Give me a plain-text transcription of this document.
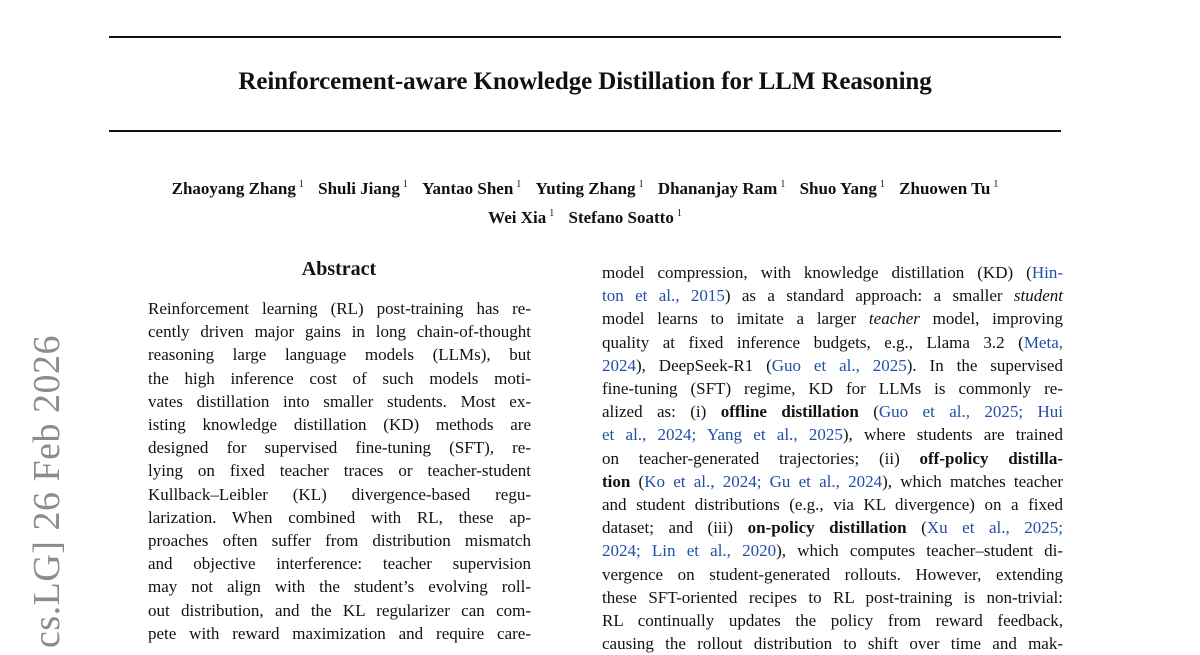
Reinforcement-aware Knowledge Distillation for LLM Reasoning
Zhaoyang Zhang $^1$ Shuli Jiang $^1$ Yantao Shen $^1$ Yuting Zhang $^1$ Dhananjay Ram $^1$ Shuo Yang $^1$ Zhuowen Tu $^1$
Wei Xia $^1$ Stefano Soatto $^1$
cs.LG] 26 Feb 2026
Abstract
Reinforcement learning (RL) post-training has re-
cently driven major gains in long chain-of-thought
reasoning large language models (LLMs), but
the high inference cost of such models moti-
vates distillation into smaller students. Most ex-
isting knowledge distillation (KD) methods are
designed for supervised fine-tuning (SFT), re-
lying on fixed teacher traces or teacher-student
Kullback–Leibler (KL) divergence-based regu-
larization. When combined with RL, these ap-
proaches often suffer from distribution mismatch
and objective interference: teacher supervision
may not align with the student’s evolving roll-
out distribution, and the KL regularizer can com-
pete with reward maximization and require care-
model compression, with knowledge distillation (KD) (Hin-
ton et al., 2015) as a standard approach: a smaller student
model learns to imitate a larger teacher model, improving
quality at fixed inference budgets, e.g., Llama 3.2 (Meta,
2024), DeepSeek-R1 (Guo et al., 2025). In the supervised
fine-tuning (SFT) regime, KD for LLMs is commonly re-
alized as: (i) offline distillation (Guo et al., 2025; Hui
et al., 2024; Yang et al., 2025), where students are trained
on teacher-generated trajectories; (ii) off-policy distilla-
tion (Ko et al., 2024; Gu et al., 2024), which matches teacher
and student distributions (e.g., via KL divergence) on a fixed
dataset; and (iii) on-policy distillation (Xu et al., 2025;
2024; Lin et al., 2020), which computes teacher–student di-
vergence on student-generated rollouts. However, extending
these SFT-oriented recipes to RL post-training is non-trivial:
RL continually updates the policy from reward feedback,
causing the rollout distribution to shift over time and mak-
